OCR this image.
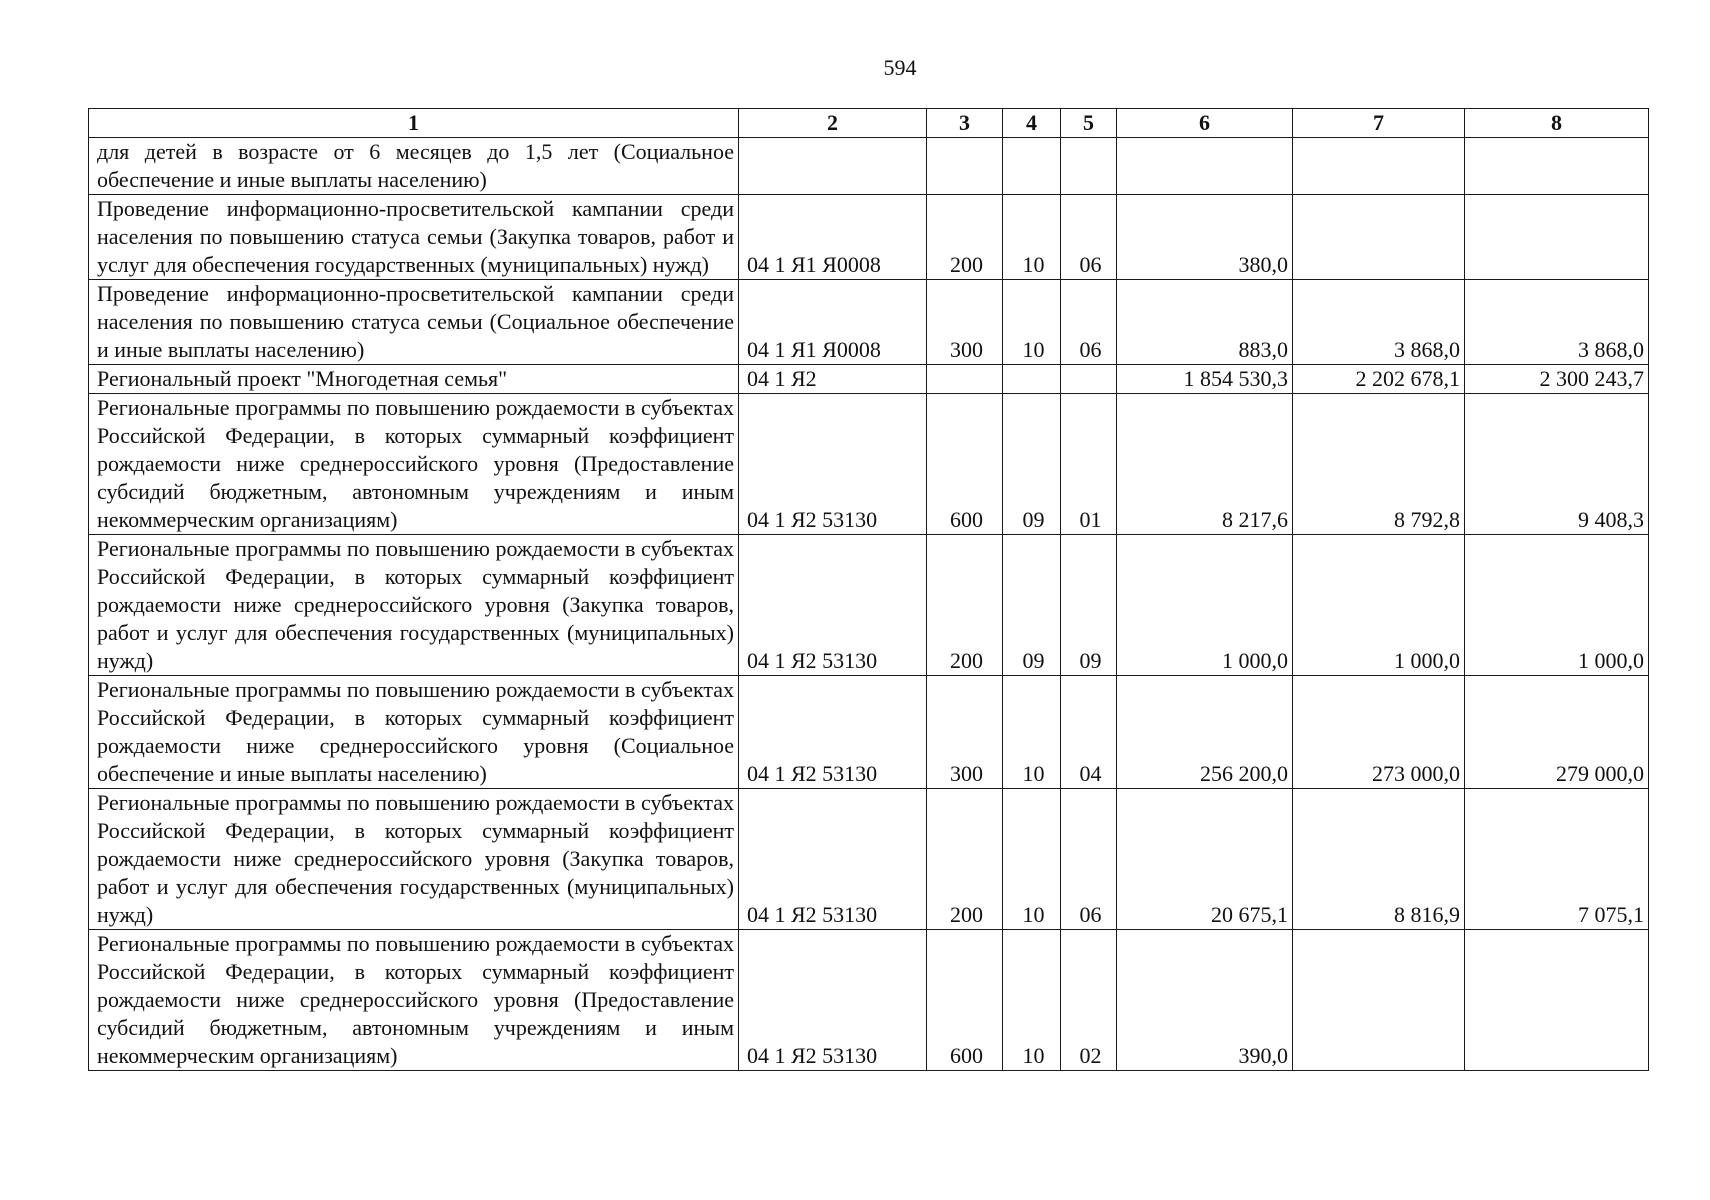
594
1	2	3	4	5	6	7	8
для детей в возрасте от 6 месяцев до 1,5 лет (Социальное обеспечение и иные выплаты населению)							
Проведение информационно-просветительской кампании среди населения по повышению статуса семьи (Закупка товаров, работ и услуг для обеспечения государственных (муниципальных) нужд)	04 1 Я1 Я0008	200	10	06	380,0		
Проведение информационно-просветительской кампании среди населения по повышению статуса семьи (Социальное обеспечение и иные выплаты населению)	04 1 Я1 Я0008	300	10	06	883,0	3 868,0	3 868,0
Региональный проект "Многодетная семья"	04 1 Я2				1 854 530,3	2 202 678,1	2 300 243,7
Региональные программы по повышению рождаемости в субъектах Российской Федерации, в которых суммарный коэффициент рождаемости ниже среднероссийского уровня (Предоставление субсидий бюджетным, автономным учреждениям и иным некоммерческим организациям)	04 1 Я2 53130	600	09	01	8 217,6	8 792,8	9 408,3
Региональные программы по повышению рождаемости в субъектах Российской Федерации, в которых суммарный коэффициент рождаемости ниже среднероссийского уровня (Закупка товаров, работ и услуг для обеспечения государственных (муниципальных) нужд)	04 1 Я2 53130	200	09	09	1 000,0	1 000,0	1 000,0
Региональные программы по повышению рождаемости в субъектах Российской Федерации, в которых суммарный коэффициент рождаемости ниже среднероссийского уровня (Социальное обеспечение и иные выплаты населению)	04 1 Я2 53130	300	10	04	256 200,0	273 000,0	279 000,0
Региональные программы по повышению рождаемости в субъектах Российской Федерации, в которых суммарный коэффициент рождаемости ниже среднероссийского уровня (Закупка товаров, работ и услуг для обеспечения государственных (муниципальных) нужд)	04 1 Я2 53130	200	10	06	20 675,1	8 816,9	7 075,1
Региональные программы по повышению рождаемости в субъектах Российской Федерации, в которых суммарный коэффициент рождаемости ниже среднероссийского уровня (Предоставление субсидий бюджетным, автономным учреждениям и иным некоммерческим организациям)	04 1 Я2 53130	600	10	02	390,0		
